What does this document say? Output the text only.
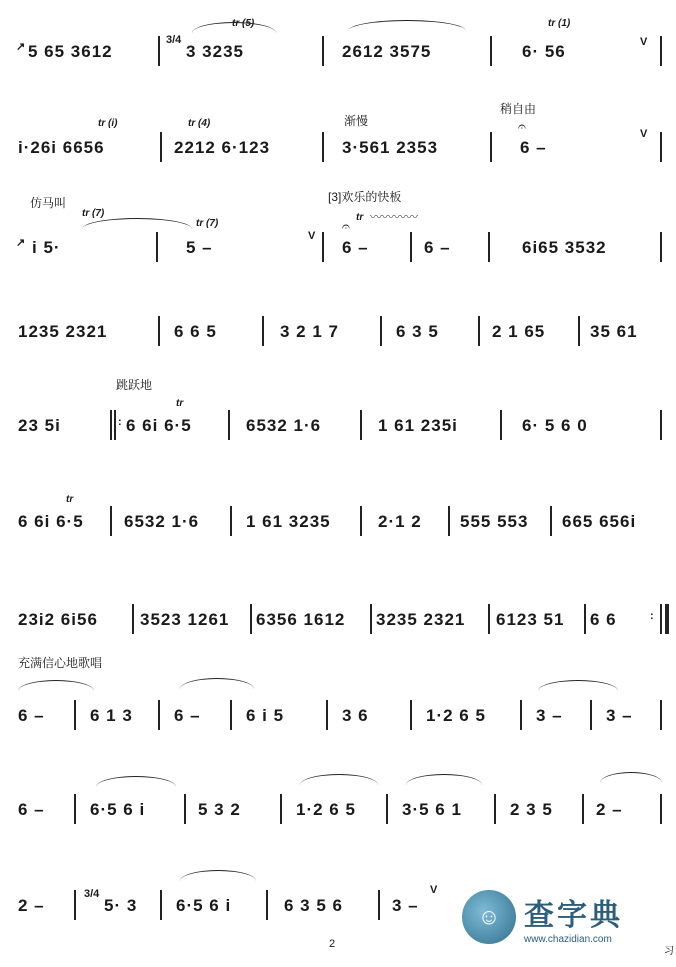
↗ 5 65 3612
3/4
3 3235
tr (5)
2612 3575	6· 56
tr (1)
V
i·26i 6656
tr (i)
2212 6·123
tr (4)	渐慢
3·561 2353
稍自由
𝄐
6 –
V
仿马叫
↗ i 5·
tr (7)
5 –
tr (7)
V
𝄐
[3]欢乐的快板
tr 〰〰〰〰
6 –	6 –	6i65 3532
1235 2321	6 6 5	3 2 1 7	6 3 5	2 1 65	35 61
跳跃地
23 5i	: 6 6i 6·5
tr
6532 1·6	1 61 235i	6· 5 6 0
6 6i 6·5
tr
6532 1·6	1 61 3235	2·1 2 555 553 665 656i
23i2 6i56 3523 1261 6356 1612 3235 2321 6123 51 6 6	:
充满信心地歌唱
6 –	6 1 3 6 –	6 i 5	3 6	1·2 6 5	3 –	3 –
6 –	6·5 6 i	5 3 2	1·2 6 5	3·5 6 1	2 3 5	2 –
2 –
3/4
5· 3 6·5 6 i	6 3 5 6	3 –
V
2
☺ 查字典
www.chazidian.com
习
